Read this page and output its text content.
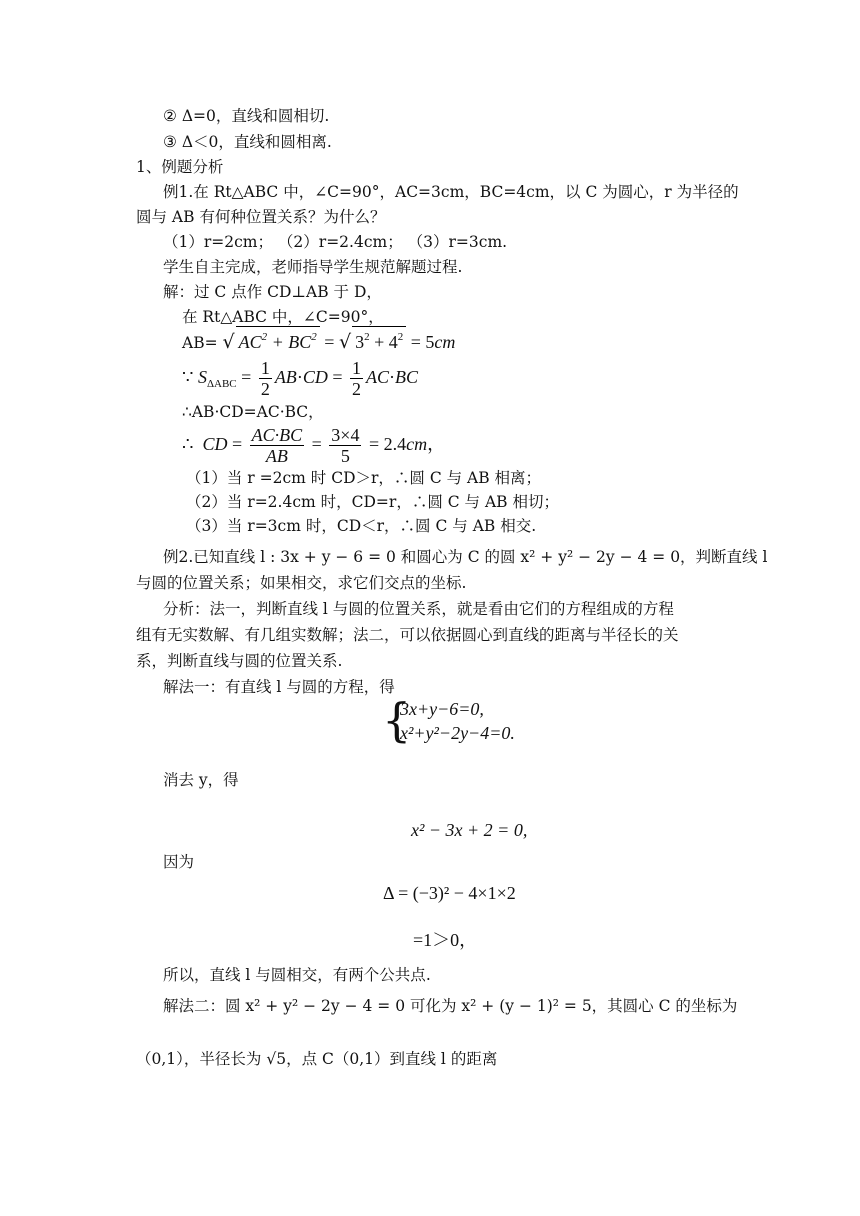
② Δ=0，直线和圆相切.
③ Δ＜0，直线和圆相离.
1、例题分析
例1.在 Rt△ABC 中，∠C=90°，AC=3cm，BC=4cm，以 C 为圆心，r 为半径的
圆与 AB 有何种位置关系？为什么？
（1）r=2cm； （2）r=2.4cm； （3）r=3cm.
学生自主完成，老师指导学生规范解题过程.
解：过 C 点作 CD⊥AB 于 D，
在 Rt△ABC 中，∠C=90°，
AB= √ $AC^2 + BC^2$ = √ $3^2 + 4^2 = 5cm$
∵ $S_{\Delta ABC} = \frac{1}{2} AB\cdot CD = \frac{1}{2} AC\cdot BC$
∴AB·CD=AC·BC，
∴  CD = $\frac{AC\cdot BC}{AB} = \frac{3\times 4}{5} = 2.4cm$，
（1）当 r =2cm 时 CD＞r，∴圆 C 与 AB 相离；
（2）当 r=2.4cm 时，CD=r，∴圆 C 与 AB 相切；
（3）当 r=3cm 时，CD＜r，∴圆 C 与 AB 相交.
例2.已知直线 l : 3x + y − 6 = 0 和圆心为 C 的圆 x² + y² − 2y − 4 = 0，判断直线 l
与圆的位置关系；如果相交，求它们交点的坐标.
分析：法一，判断直线 l 与圆的位置关系，就是看由它们的方程组成的方程
组有无实数解、有几组实数解；法二，可以依据圆心到直线的距离与半径长的关
系，判断直线与圆的位置关系.
解法一：有直线 l 与圆的方程，得
{
3x+y−6=0,
x²+y²−2y−4=0.
消去 y，得
x² − 3x + 2 = 0,
因为
Δ = (−3)² − 4×1×2
=1＞0，
所以，直线 l 与圆相交，有两个公共点.
解法二：圆 x² + y² − 2y − 4 = 0 可化为 x² + (y − 1)² = 5，其圆心 C 的坐标为
（0,1），半径长为 √5，点 C（0,1）到直线 l 的距离
